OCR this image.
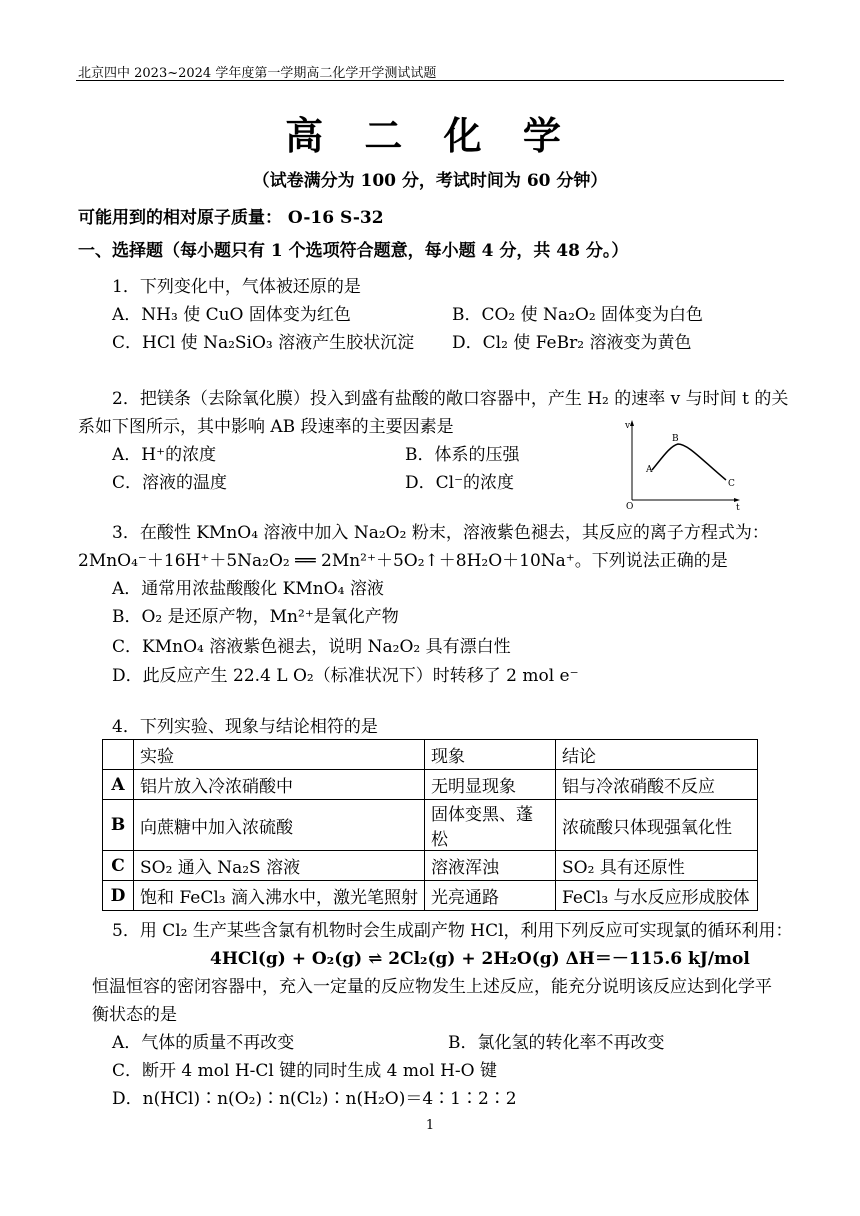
北京四中 2023~2024 学年度第一学期高二化学开学测试试题
高 二 化 学
（试卷满分为 100 分，考试时间为 60 分钟）
可能用到的相对原子质量： O-16 S-32
一、选择题（每小题只有 1 个选项符合题意，每小题 4 分，共 48 分。）
1．下列变化中，气体被还原的是
A．NH₃ 使 CuO 固体变为红色	B．CO₂ 使 Na₂O₂ 固体变为白色
C．HCl 使 Na₂SiO₃ 溶液产生胶状沉淀 D．Cl₂ 使 FeBr₂ 溶液变为黄色
2．把镁条（去除氧化膜）投入到盛有盐酸的敞口容器中，产生 H₂ 的速率 v 与时间 t 的关
系如下图所示，其中影响 AB 段速率的主要因素是
A．H⁺的浓度	B．体系的压强
C．溶液的温度	D．Cl⁻的浓度
v
t
O
A
B
C
3．在酸性 KMnO₄ 溶液中加入 Na₂O₂ 粉末，溶液紫色褪去，其反应的离子方程式为：
2MnO₄⁻＋16H⁺＋5Na₂O₂ ══ 2Mn²⁺＋5O₂↑＋8H₂O＋10Na⁺。下列说法正确的是
A．通常用浓盐酸酸化 KMnO₄ 溶液
B．O₂ 是还原产物，Mn²⁺是氧化产物
C．KMnO₄ 溶液紫色褪去，说明 Na₂O₂ 具有漂白性
D．此反应产生 22.4 L O₂（标准状况下）时转移了 2 mol e⁻
4．下列实验、现象与结论相符的是
	实验	现象	结论
A	铝片放入冷浓硝酸中	无明显现象	铝与冷浓硝酸不反应
B	向蔗糖中加入浓硫酸	固体变黑、蓬松	浓硫酸只体现强氧化性
C	SO₂ 通入 Na₂S 溶液	溶液浑浊	SO₂ 具有还原性
D	饱和 FeCl₃ 滴入沸水中，激光笔照射	光亮通路	FeCl₃ 与水反应形成胶体
5．用 Cl₂ 生产某些含氯有机物时会生成副产物 HCl，利用下列反应可实现氯的循环利用：
4HCl(g) + O₂(g) ⇌ 2Cl₂(g) + 2H₂O(g) ΔH＝－115.6 kJ/mol
恒温恒容的密闭容器中，充入一定量的反应物发生上述反应，能充分说明该反应达到化学平
衡状态的是
A．气体的质量不再改变	B．氯化氢的转化率不再改变
C．断开 4 mol H-Cl 键的同时生成 4 mol H-O 键
D．n(HCl)∶n(O₂)∶n(Cl₂)∶n(H₂O)＝4∶1∶2∶2
1
